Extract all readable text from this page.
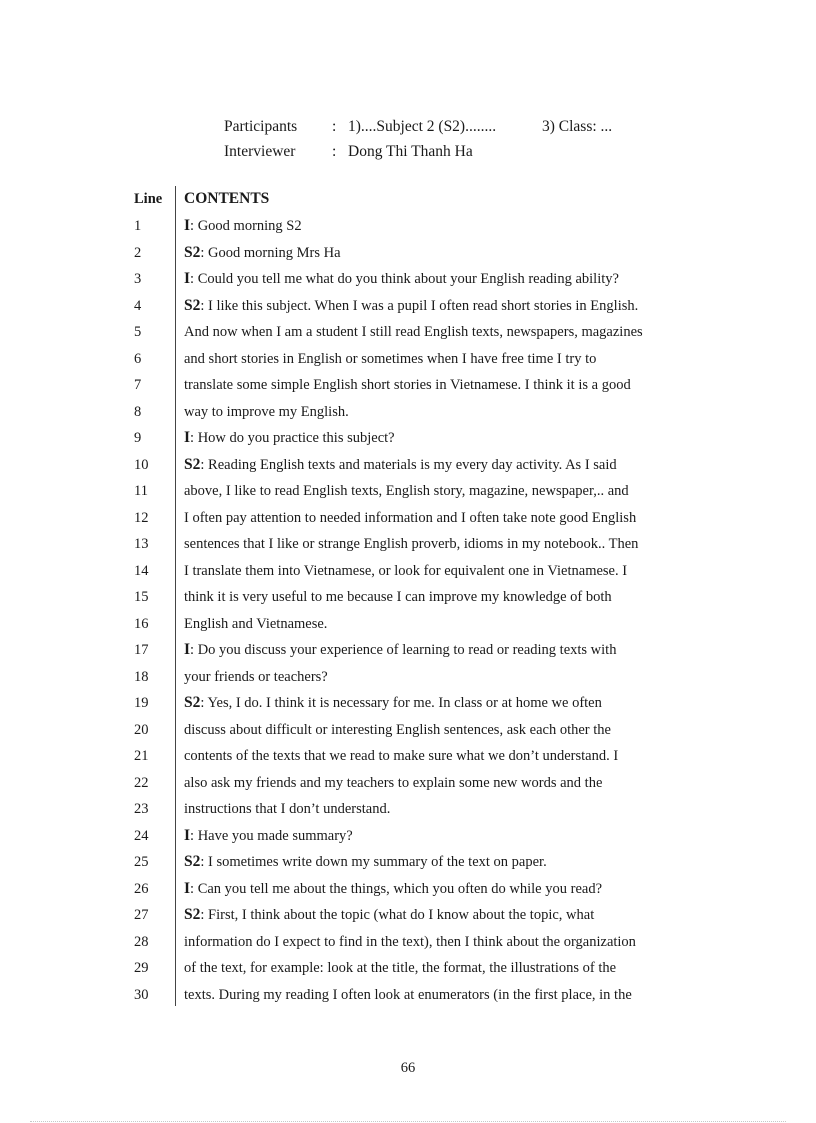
Participants : 1)....Subject 2 (S2)........	3) Class: ...
Interviewer : Dong Thi Thanh Ha
Line	CONTENTS
1	I: Good morning S2
2	S2: Good morning Mrs Ha
3	I: Could you tell me what do you think about your English reading ability?
4	S2: I like this subject. When I was a pupil I often read short stories in English.
5	And now when I am a student I still read English texts, newspapers, magazines
6	and short stories in English or sometimes when I have free time I try to
7	translate some simple English short stories in Vietnamese. I think it is a good
8	way to improve my English.
9	I: How do you practice this subject?
10	S2: Reading English texts and materials is my every day activity. As I said
11	above, I like to read English texts, English story, magazine, newspaper,.. and
12	I often pay attention to needed information and I often take note good English
13	sentences that I like or strange English proverb, idioms in my notebook.. Then
14	I translate them into Vietnamese, or look for equivalent one in Vietnamese. I
15	think it is very useful to me because I can improve my knowledge of both
16	English and Vietnamese.
17	I: Do you discuss your experience of learning to read or reading texts with
18	your friends or teachers?
19	S2: Yes, I do. I think it is necessary for me. In class or at home we often
20	discuss about difficult or interesting English sentences, ask each other the
21	contents of the texts that we read to make sure what we don’t understand. I
22	also ask my friends and my teachers to explain some new words and the
23	instructions that I don’t understand.
24	I: Have you made summary?
25	S2: I sometimes write down my summary of the text on paper.
26	I: Can you tell me about the things, which you often do while you read?
27	S2: First, I think about the topic (what do I know about the topic, what
28	information do I expect to find in the text), then I think about the organization
29	of the text, for example: look at the title, the format, the illustrations of the
30	texts. During my reading I often look at enumerators (in the first place, in the
66
